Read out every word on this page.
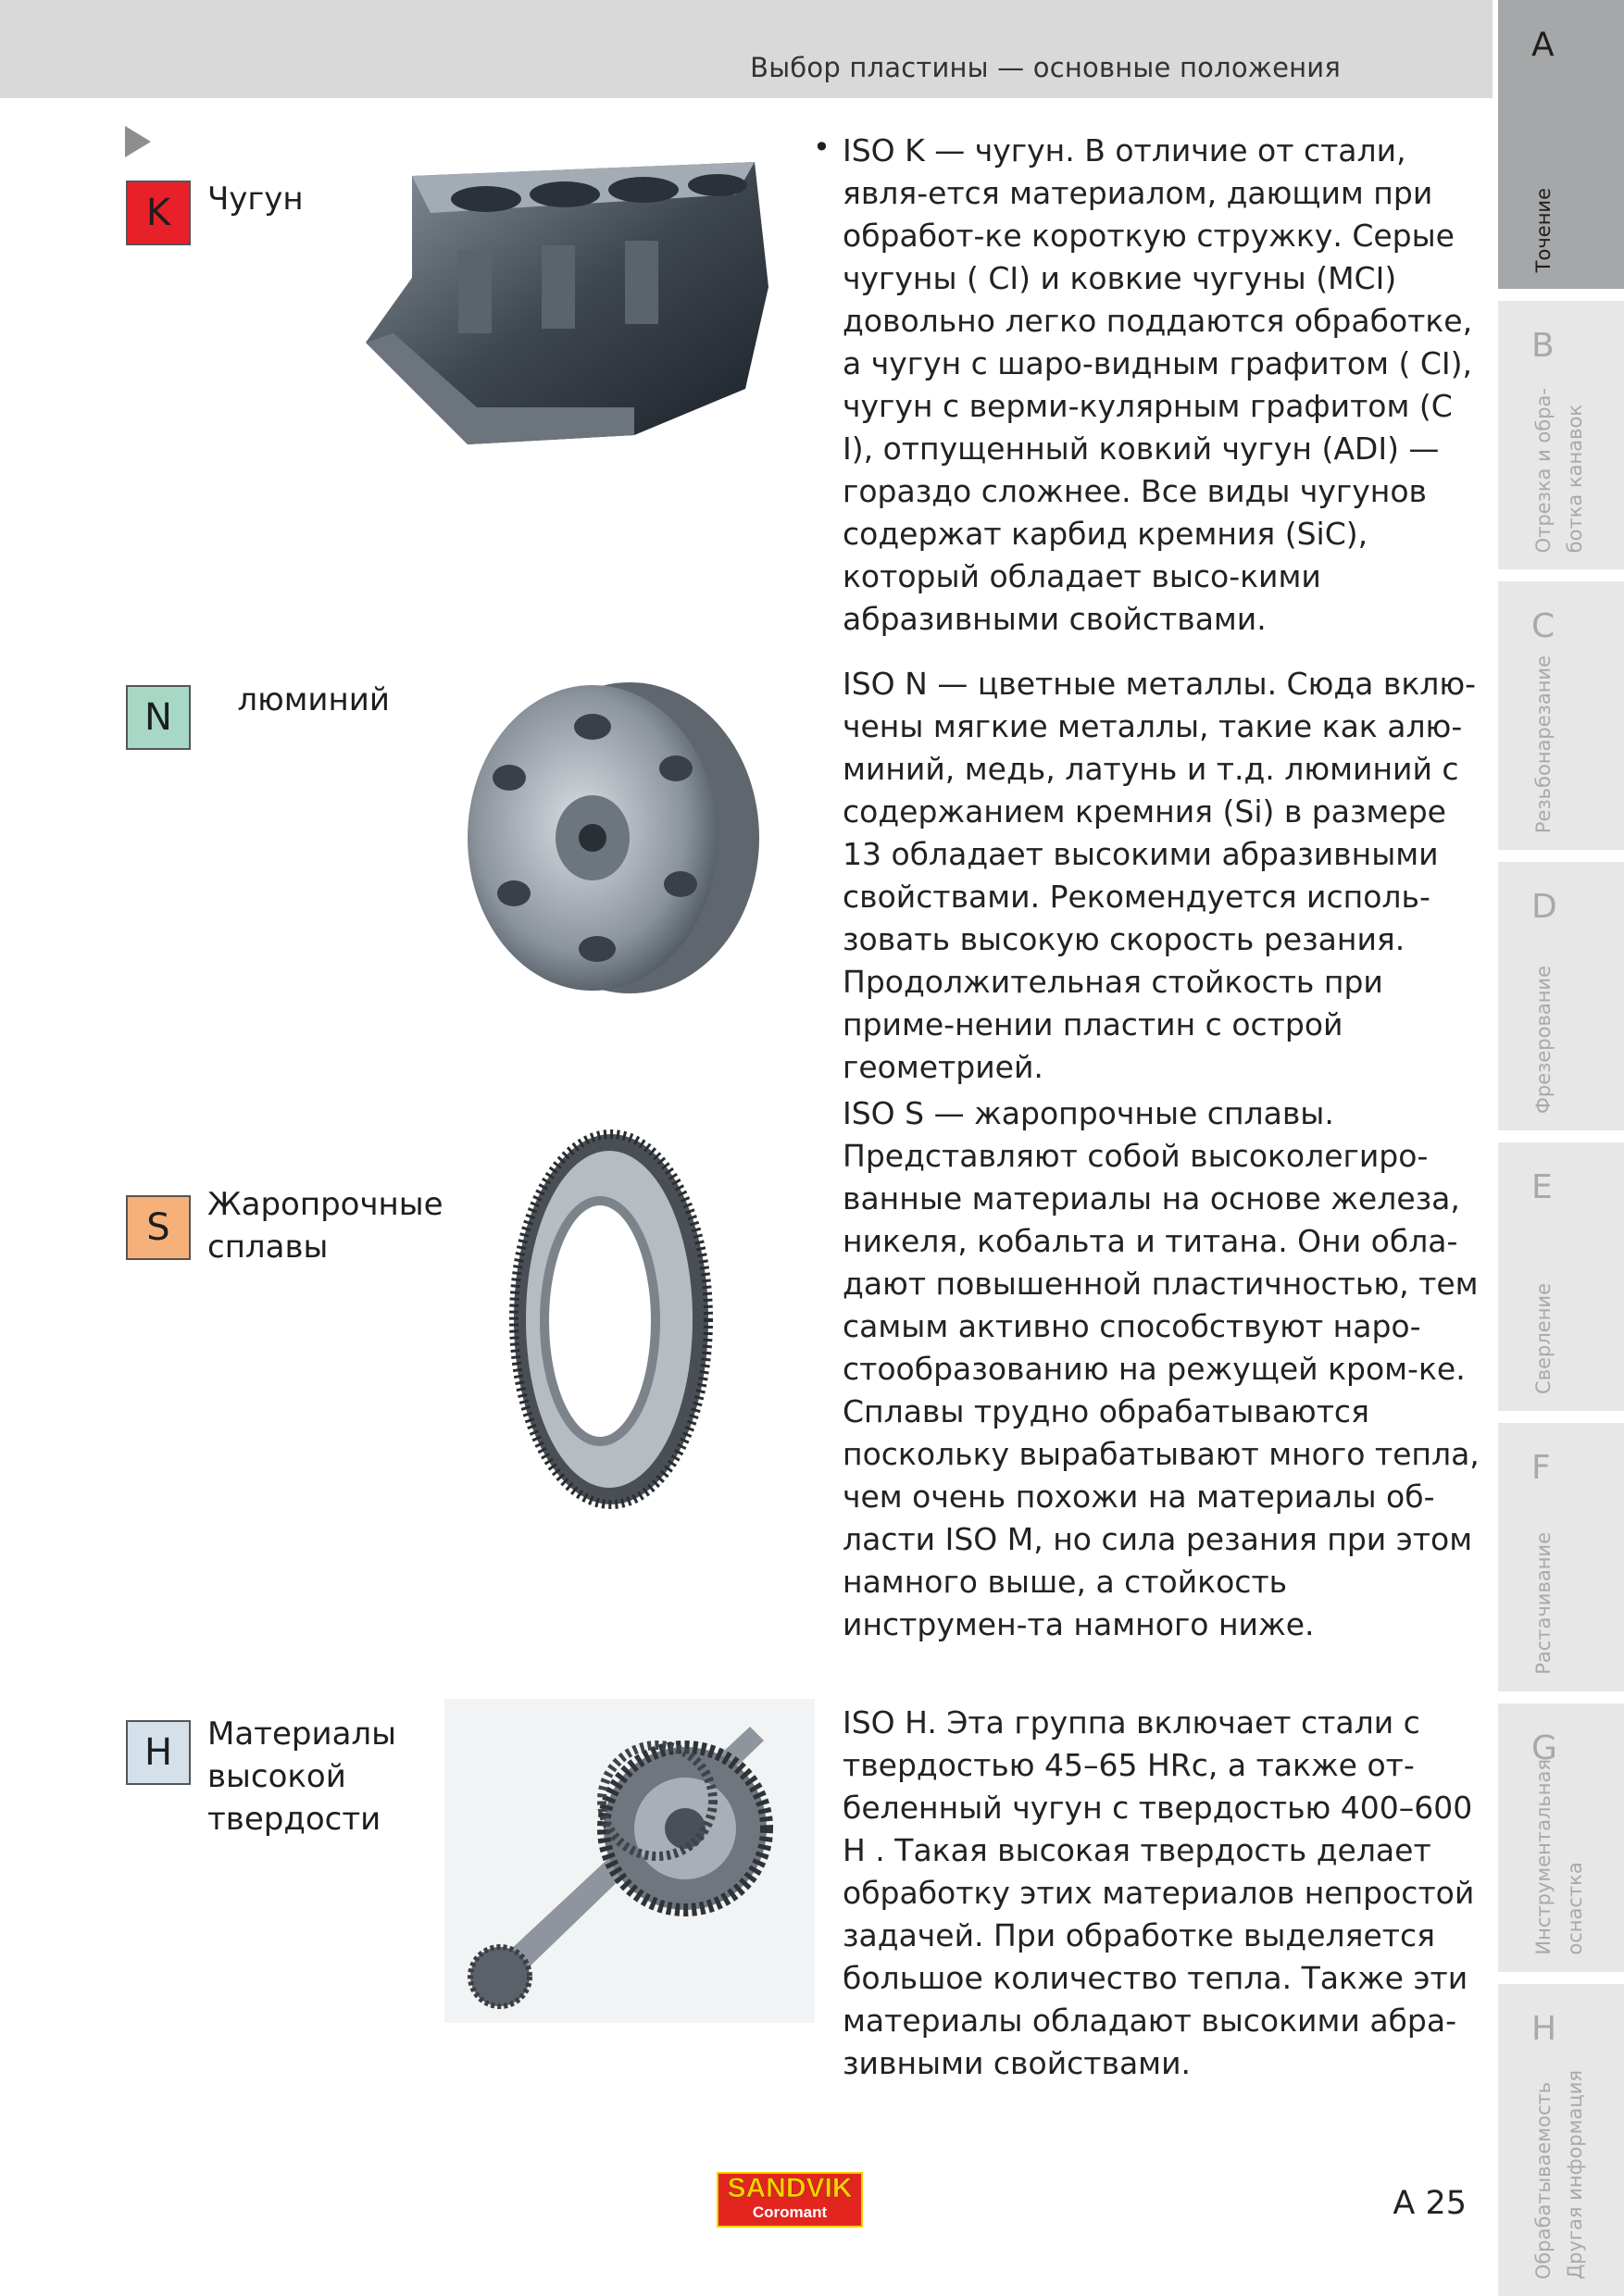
Выбор пластины — основные положения
A
Точение
B
Отрезка и обра-
ботка канавок
C
Резьбонарезание
D
Фрезерование
E
Сверление
F
Растачивание
G
Инструментальная
оснастка
H
Обрабатываемость
Другая информация
K	Чугун
• ISO K — чугун. В отличие от стали, явля-ется материалом, дающим при обработ-ке короткую стружку. Серые чугуны ( CI) и ковкие чугуны (MCI) довольно легко поддаются обработке, а чугун с шаро-видным графитом ( CI), чугун с верми-кулярным графитом (C I), отпущенный ковкий чугун (ADI) — гораздо сложнее. Все виды чугунов содержат карбид кремния (SiC), который обладает высо-кими абразивными свойствами.
N	люминий	ISO N — цветные металлы. Сюда вклю-чены мягкие металлы, такие как алю-миний, медь, латунь и т.д. люминий с содержанием кремния (Si) в размере 13 обладает высокими абразивными свойствами. Рекомендуется исполь-зовать высокую скорость резания. Продолжительная стойкость при приме-нении пластин с острой геометрией.
S
Жаропрочные
сплавы
ISO S — жаропрочные сплавы. Представляют собой высоколегиро-ванные материалы на основе железа, никеля, кобальта и титана. Они обла-дают повышенной пластичностью, тем самым активно способствуют наро-стообразованию на режущей кром-ке. Сплавы трудно обрабатываются поскольку вырабатывают много тепла, чем очень похожи на материалы об-ласти ISO M, но сила резания при этом намного выше, а стойкость инструмен-та намного ниже.
H	Материалы
высокой
твердости
ISO H. Эта группа включает стали с твердостью 45–65 HRc, а также от-беленный чугун с твердостью 400–600 H . Такая высокая твердость делает обработку этих материалов непростой задачей. При обработке выделяется большое количество тепла. Также эти материалы обладают высокими абра-зивными свойствами.
SANDVIK
Coromant	A 25
